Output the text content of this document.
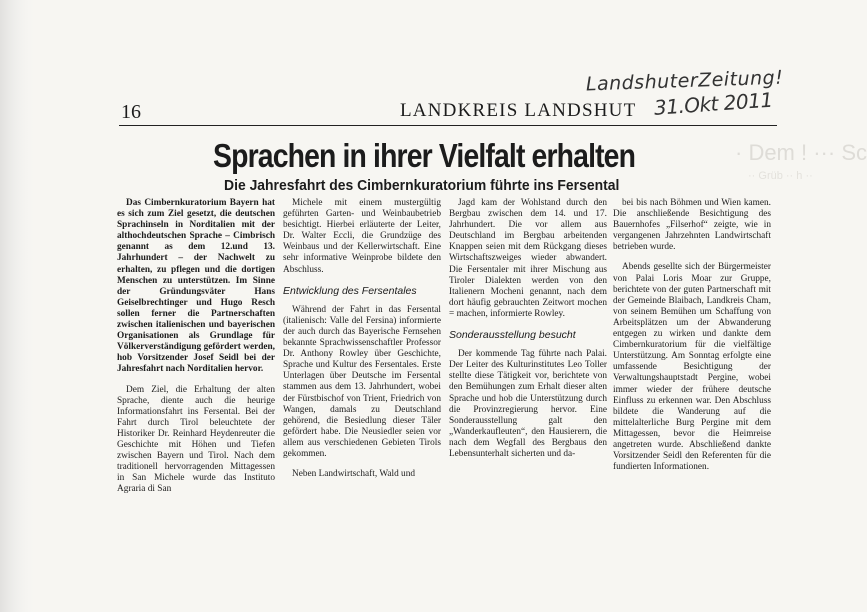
LandshuterZeitung!
31.Okt 2011
16	LANDKREIS LANDSHUT
· Dem ! ··· Sc
·· Grüb ·· h ··
Sprachen in ihrer Vielfalt erhalten
Die Jahresfahrt des Cimbernkuratorium führte ins Fersental

Das Cimbernkuratorium Bayern hat es sich zum Ziel gesetzt, die deutschen Sprachinseln in Norditalien mit der althochdeutschen Sprache – Cimbrisch genannt as dem 12.und 13. Jahrhundert – der Nachwelt zu erhalten, zu pflegen und die dortigen Menschen zu unterstützen. Im Sinne der Gründungsväter Hans Geiselbrechtinger und Hugo Resch sollen ferner die Partnerschaften zwischen italienischen und bayerischen Organisationen als Grundlage für Völkerverständigung gefördert werden, hob Vorsitzender Josef Seidl bei der Jahresfahrt nach Norditalien hervor.

Dem Ziel, die Erhaltung der alten Sprache, diente auch die heurige Informationsfahrt ins Fersental. Bei der Fahrt durch Tirol beleuchtete der Historiker Dr. Reinhard Heydenreuter die Geschichte mit Höhen und Tiefen zwischen Bayern und Tirol. Nach dem traditionell hervorragenden Mittagessen in San Michele wurde das Instituto Agraria di San

Michele mit einem mustergültig geführten Garten- und Weinbaubetrieb besichtigt. Hierbei erläuterte der Leiter, Dr. Walter Eccli, die Grundzüge des Weinbaus und der Kellerwirtschaft. Eine sehr informative Weinprobe bildete den Abschluss.

Entwicklung des Fersentales

Während der Fahrt in das Fersental (italienisch: Valle del Fersina) informierte der auch durch das Bayerische Fernsehen bekannte Sprachwissenschaftler Professor Dr. Anthony Rowley über Geschichte, Sprache und Kultur des Fersentales. Erste Unterlagen über Deutsche im Fersental stammen aus dem 13. Jahrhundert, wobei der Fürstbischof von Trient, Friedrich von Wangen, damals zu Deutschland gehörend, die Besiedlung dieser Täler gefördert habe. Die Neusiedler seien vor allem aus verschiedenen Gebieten Tirols gekommen.

Neben Landwirtschaft, Wald und

Jagd kam der Wohlstand durch den Bergbau zwischen dem 14. und 17. Jahrhundert. Die vor allem aus Deutschland im Bergbau arbeitenden Knappen seien mit dem Rückgang dieses Wirtschaftszweiges wieder abwandert. Die Fersentaler mit ihrer Mischung aus Tiroler Dialekten werden von den Italienern Mocheni genannt, nach dem dort häufig gebrauchten Zeitwort mochen = machen, informierte Rowley.

Sonderausstellung besucht

Der kommende Tag führte nach Palai. Der Leiter des Kulturinstitutes Leo Toller stellte diese Tätigkeit vor, berichtete von den Bemühungen zum Erhalt dieser alten Sprache und hob die Unterstützung durch die Provinzregierung hervor. Eine Sonderausstellung galt den „Wanderkaufleuten“, den Hausierern, die nach dem Wegfall des Bergbaus den Lebensunterhalt sicherten und da-

bei bis nach Böhmen und Wien kamen. Die anschließende Besichtigung des Bauernhofes „Filserhof“ zeigte, wie in vergangenen Jahrzehnten Landwirtschaft betrieben wurde.

Abends gesellte sich der Bürgermeister von Palai Loris Moar zur Gruppe, berichtete von der guten Partnerschaft mit der Gemeinde Blaibach, Landkreis Cham, von seinem Bemühen um Schaffung von Arbeitsplätzen um der Abwanderung entgegen zu wirken und dankte dem Cimbernkuratorium für die vielfältige Unterstützung. Am Sonntag erfolgte eine umfassende Besichtigung der Verwaltungshauptstadt Pergine, wobei immer wieder der frühere deutsche Einfluss zu erkennen war. Den Abschluss bildete die Wanderung auf die mittelalterliche Burg Pergine mit dem Mittagessen, bevor die Heimreise angetreten wurde. Abschließend dankte Vorsitzender Seidl den Referenten für die fundierten Informationen.
